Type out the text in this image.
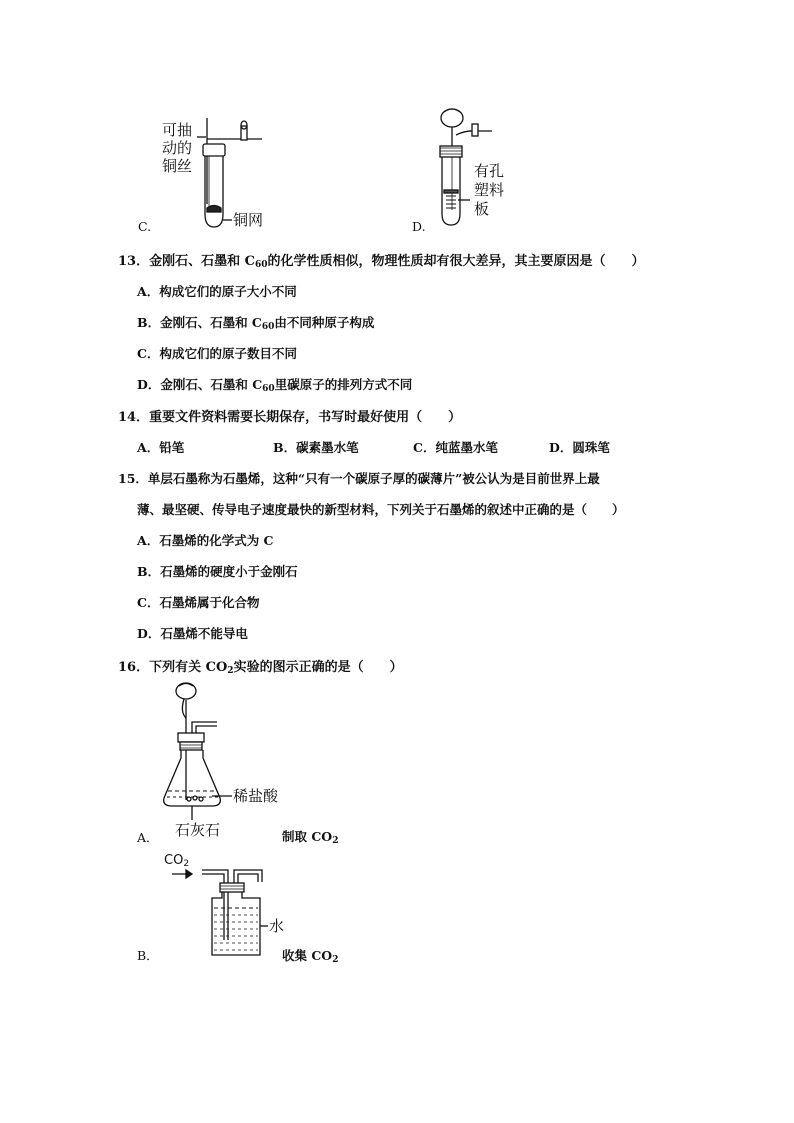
可抽
动的
铜丝
铜网
C.
有孔
塑料
板
D.
13．金刚石、石墨和 $C_{60}$的化学性质相似，物理性质却有很大差异，其主要原因是（　　）
A．构成它们的原子大小不同
B．金刚石、石墨和 $C_{60}$由不同种原子构成
C．构成它们的原子数目不同
D．金刚石、石墨和 $C_{60}$里碳原子的排列方式不同
14．重要文件资料需要长期保存，书写时最好使用（　　）
A．铅笔	B．碳素墨水笔	C．纯蓝墨水笔	D．圆珠笔
15．单层石墨称为石墨烯，这种“只有一个碳原子厚的碳薄片”被公认为是目前世界上最
薄、最坚硬、传导电子速度最快的新型材料，下列关于石墨烯的叙述中正确的是（　　）
A．石墨烯的化学式为 C
B．石墨烯的硬度小于金刚石
C．石墨烯属于化合物
D．石墨烯不能导电
16．下列有关 $CO_2$实验的图示正确的是（　　）
稀盐酸
石灰石
A．	制取 $CO_2$
$CO_2$
水
B．	收集 $CO_2$
